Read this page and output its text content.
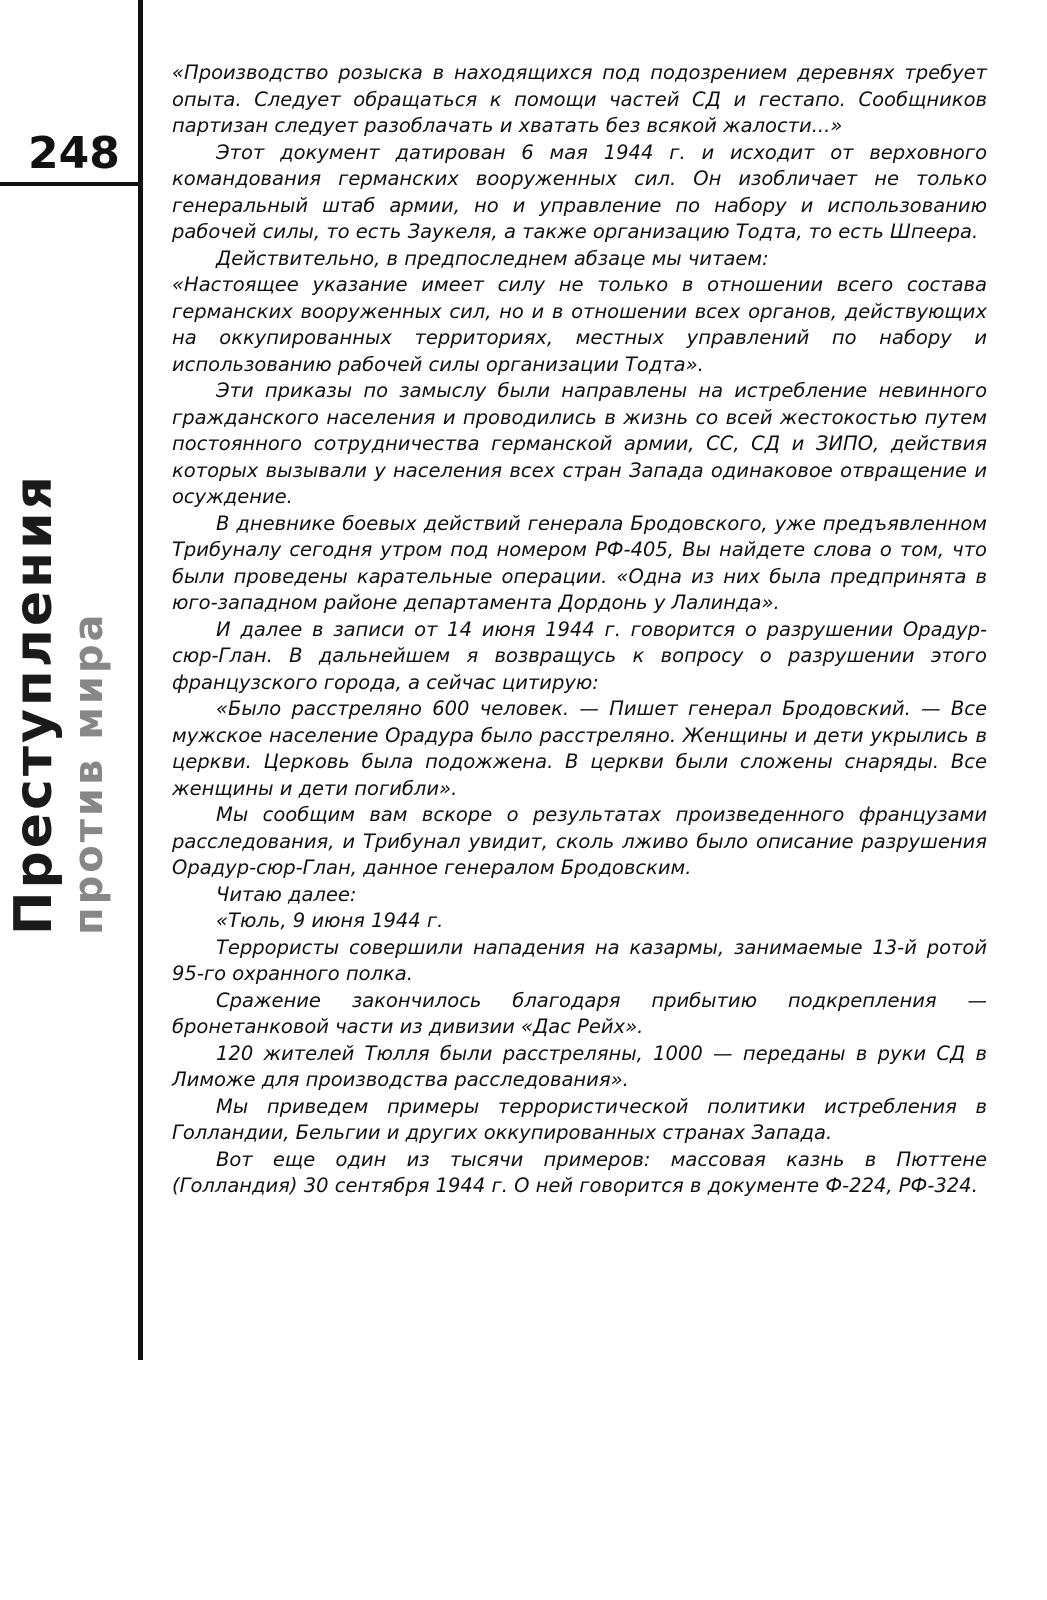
248
Преступления против мира

«Производство розыска в находящихся под подозрением деревнях требует опыта. Следует обращаться к помощи частей СД и гестапо. Сообщников партизан следует разоблачать и хватать без всякой жалости...»

Этот документ датирован 6 мая 1944 г. и исходит от верховного командования германских вооруженных сил. Он изобличает не только генеральный штаб армии, но и управление по набору и использованию рабочей силы, то есть Заукеля, а также организацию Тодта, то есть Шпеера.

Действительно, в предпоследнем абзаце мы читаем:

«Настоящее указание имеет силу не только в отношении всего состава германских вооруженных сил, но и в отношении всех органов, действующих на оккупированных территориях, местных управлений по набору и использованию рабочей силы организации Тодта».

Эти приказы по замыслу были направлены на истребление невинного гражданского населения и проводились в жизнь со всей жестокостью путем постоянного сотрудничества германской армии, СС, СД и ЗИПО, действия которых вызывали у населения всех стран Запада одинаковое отвращение и осуждение.

В дневнике боевых действий генерала Бродовского, уже предъявленном Трибуналу сегодня утром под номером РФ-405, Вы найдете слова о том, что были проведены карательные операции. «Одна из них была предпринята в юго-западном районе департамента Дордонь у Лалинда».

И далее в записи от 14 июня 1944 г. говорится о разрушении Орадур-сюр-Глан. В дальнейшем я возвращусь к вопросу о разрушении этого французского города, а сейчас цитирую:

«Было расстреляно 600 человек. — Пишет генерал Бродовский. — Все мужское население Орадура было расстреляно. Женщины и дети укрылись в церкви. Церковь была подожжена. В церкви были сложены снаряды. Все женщины и дети погибли».

Мы сообщим вам вскоре о результатах произведенного французами расследования, и Трибунал увидит, сколь лживо было описание разрушения Орадур-сюр-Глан, данное генералом Бродовским.

Читаю далее:

«Тюль, 9 июня 1944 г.

Террористы совершили нападения на казармы, занимаемые 13-й ротой 95-го охранного полка.

Сражение закончилось благодаря прибытию подкрепления — бронетанковой части из дивизии «Дас Рейх».

120 жителей Тюлля были расстреляны, 1000 — переданы в руки СД в Лиможе для производства расследования».

Мы приведем примеры террористической политики истребления в Голландии, Бельгии и других оккупированных странах Запада.

Вот еще один из тысячи примеров: массовая казнь в Пюттене (Голландия) 30 сентября 1944 г. О ней говорится в документе Ф-224, РФ-324.
